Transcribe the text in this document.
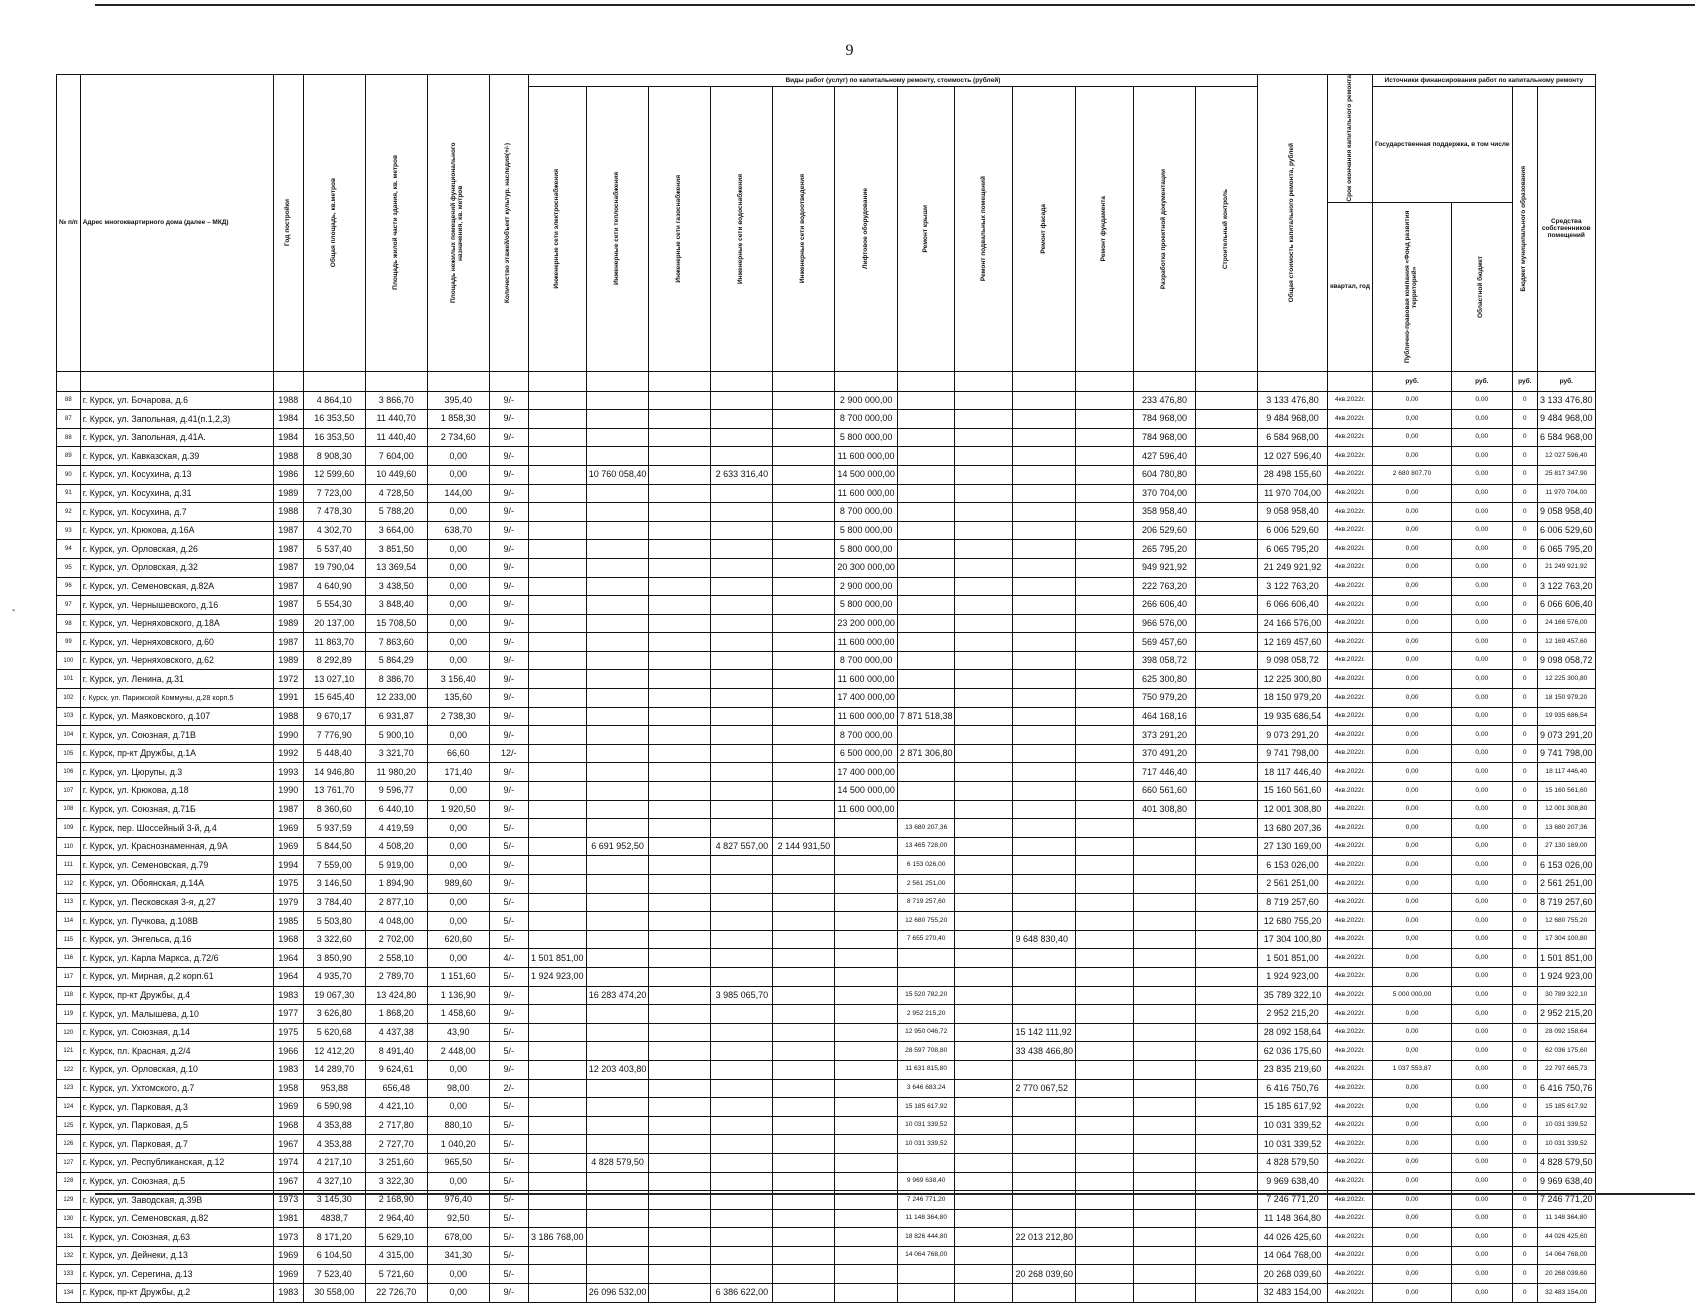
9
-
№ п/п	Адрес многоквартирного дома (далее – МКД)	Год постройки	Общая площадь, кв.метров	Площадь жилой части здания, кв. метров	Площадь нежилых помещений функционального назначения, кв. метров	Количество этажей/объект культур. наследия(+/-)	Виды работ (услуг) по капитальному ремонту, стоимость (рублей)												Общая стоимость капитального ремонта, рублей	Срок окончания капитального ремонта	Источники финансирования работ по капитальному ремонту			

							Инженерные сети электроснабжения	Инженерные сети теплоснабжения	Инженерные сети газоснабжения	Инженерные сети водоснабжения	Инженерные сети водоотведения	Лифтовое оборудование	Ремонт крыши	Ремонт подвальных помещений	Ремонт фасада	Ремонт фундамента	Разработка проектной документации	Строительный контроль			Государственная поддержка, в том числе		Бюджет муниципального образования	Средства собственников помещений
																				квартал, год	Публично-правовая компания «Фонд развития территорий»	Областной бюджет		

																					руб.	руб.	руб.	руб.
88	г. Курск, ул. Бочарова, д.6	1988	4 864,10	3 866,70	395,40	9/-						2 900 000,00					233 476,80		3 133 476,80	4кв.2022г.	0,00	0,00	0	3 133 476,80
87	г. Курск, ул. Запольная, д.41(п.1,2,3)	1984	16 353,50	11 440,70	1 858,30	9/-						8 700 000,00					784 968,00		9 484 968,00	4кв.2022г.	0,00	0,00	0	9 484 968,00
88	г. Курск, ул. Запольная, д.41А.	1984	16 353,50	11 440,40	2 734,60	9/-						5 800 000,00					784 968,00		6 584 968,00	4кв.2022г.	0,00	0,00	0	6 584 968,00
89	г. Курск, ул. Кавказская, д.39	1988	8 908,30	7 604,00	0,00	9/-						11 600 000,00					427 596,40		12 027 596,40	4кв.2022г.	0,00	0,00	0	12 027 596,40
90	г. Курск, ул. Косухина, д.13	1986	12 599,60	10 449,60	0,00	9/-		10 760 058,40		2 633 316,40		14 500 000,00					604 780,80		28 498 155,60	4кв.2022г.	2 680 807,70	0,00	0	25 817 347,90
91	г. Курск, ул. Косухина, д.31	1989	7 723,00	4 728,50	144,00	9/-						11 600 000,00					370 704,00		11 970 704,00	4кв.2022г.	0,00	0,00	0	11 970 704,00
92	г. Курск, ул. Косухина, д.7	1988	7 478,30	5 788,20	0,00	9/-						8 700 000,00					358 958,40		9 058 958,40	4кв.2022г.	0,00	0,00	0	9 058 958,40
93	г. Курск, ул. Крюкова, д.16А	1987	4 302,70	3 664,00	638,70	9/-						5 800 000,00					206 529,60		6 006 529,60	4кв.2022г.	0,00	0,00	0	6 006 529,60
94	г. Курск, ул. Орловская, д.26	1987	5 537,40	3 851,50	0,00	9/-						5 800 000,00					265 795,20		6 065 795,20	4кв.2022г.	0,00	0,00	0	6 065 795,20
95	г. Курск, ул. Орловская, д.32	1987	19 790,04	13 369,54	0,00	9/-						20 300 000,00					949 921,92		21 249 921,92	4кв.2022г.	0,00	0,00	0	21 249 921,92
96	г. Курск, ул. Семеновская, д.82А	1987	4 640,90	3 438,50	0,00	9/-						2 900 000,00					222 763,20		3 122 763,20	4кв.2022г.	0,00	0,00	0	3 122 763,20
97	г. Курск, ул. Чернышевского, д.16	1987	5 554,30	3 848,40	0,00	9/-						5 800 000,00					266 606,40		6 066 606,40	4кв.2022г.	0,00	0,00	0	6 066 606,40
98	г. Курск, ул. Черняховского, д.18А	1989	20 137,00	15 708,50	0,00	9/-						23 200 000,00					966 576,00		24 166 576,00	4кв.2022г.	0,00	0,00	0	24 166 576,00
99	г. Курск, ул. Черняховского, д.60	1987	11 863,70	7 863,60	0,00	9/-						11 600 000,00					569 457,60		12 169 457,60	4кв.2022г.	0,00	0,00	0	12 169 457,60
100	г. Курск, ул. Черняховского, д.62	1989	8 292,89	5 864,29	0,00	9/-						8 700 000,00					398 058,72		9 098 058,72	4кв.2022г.	0,00	0,00	0	9 098 058,72
101	г. Курск, ул. Ленина, д.31	1972	13 027,10	8 386,70	3 156,40	9/-						11 600 000,00					625 300,80		12 225 300,80	4кв.2022г.	0,00	0,00	0	12 225 300,80
102	г. Курск, ул. Парижской Коммуны, д.28 корп.5	1991	15 645,40	12 233,00	135,60	9/-						17 400 000,00					750 979,20		18 150 979,20	4кв.2022г.	0,00	0,00	0	18 150 979,20
103	г. Курск, ул. Маяковского, д.107	1988	9 670,17	6 931,87	2 738,30	9/-						11 600 000,00	7 871 518,38				464 168,16		19 935 686,54	4кв.2022г.	0,00	0,00	0	19 935 686,54
104	г. Курск, ул. Союзная, д.71В	1990	7 776,90	5 900,10	0,00	9/-						8 700 000,00					373 291,20		9 073 291,20	4кв.2022г.	0,00	0,00	0	9 073 291,20
105	г. Курск, пр-кт Дружбы, д.1А	1992	5 448,40	3 321,70	66,60	12/-						6 500 000,00	2 871 306,80				370 491,20		9 741 798,00	4кв.2022г.	0,00	0,00	0	9 741 798,00
106	г. Курск, ул. Цюрупы, д.3	1993	14 946,80	11 980,20	171,40	9/-						17 400 000,00					717 446,40		18 117 446,40	4кв.2022г.	0,00	0,00	0	18 117 446,40
107	г. Курск, ул. Крюкова, д.18	1990	13 761,70	9 596,77	0,00	9/-						14 500 000,00					660 561,60		15 160 561,60	4кв.2022г.	0,00	0,00	0	15 160 561,60
108	г. Курск, ул. Союзная, д.71Б	1987	8 360,60	6 440,10	1 920,50	9/-						11 600 000,00					401 308,80		12 001 308,80	4кв.2022г.	0,00	0,00	0	12 001 308,80
109	г. Курск, пер. Шоссейный 3-й, д.4	1969	5 937,59	4 419,59	0,00	5/-							13 680 207,36						13 680 207,36	4кв.2022г.	0,00	0,00	0	13 680 207,36
110	г. Курск, ул. Краснознаменная, д.9А	1969	5 844,50	4 508,20	0,00	5/-		6 691 952,50		4 827 557,00	2 144 931,50		13 465 728,00						27 130 169,00	4кв.2022г.	0,00	0,00	0	27 130 169,00
111	г. Курск, ул. Семеновская, д.79	1994	7 559,00	5 919,00	0,00	9/-							6 153 026,00						6 153 026,00	4кв.2022г.	0,00	0,00	0	6 153 026,00
112	г. Курск, ул. Обоянская, д.14А	1975	3 146,50	1 894,90	989,60	9/-							2 561 251,00						2 561 251,00	4кв.2022г.	0,00	0,00	0	2 561 251,00
113	г. Курск, ул. Песковская 3-я, д.27	1979	3 784,40	2 877,10	0,00	5/-							8 719 257,60						8 719 257,60	4кв.2022г.	0,00	0,00	0	8 719 257,60
114	г. Курск, ул. Пучкова, д.108В	1985	5 503,80	4 048,00	0,00	5/-							12 680 755,20						12 680 755,20	4кв.2022г.	0,00	0,00	0	12 680 755,20
115	г. Курск, ул. Энгельса, д.16	1968	3 322,60	2 702,00	620,60	5/-							7 655 270,40		9 648 830,40				17 304 100,80	4кв.2022г.	0,00	0,00	0	17 304 100,80
116	г. Курск, ул. Карла Маркса, д.72/6	1964	3 850,90	2 558,10	0,00	4/-	1 501 851,00												1 501 851,00	4кв.2022г.	0,00	0,00	0	1 501 851,00
117	г. Курск, ул. Мирная, д.2 корп.61	1964	4 935,70	2 789,70	1 151,60	5/-	1 924 923,00												1 924 923,00	4кв.2022г.	0,00	0,00	0	1 924 923,00
118	г. Курск, пр-кт Дружбы, д.4	1983	19 067,30	13 424,80	1 136,90	9/-		16 283 474,20		3 985 065,70			15 520 782,20						35 789 322,10	4кв.2022г.	5 000 000,00	0,00	0	30 789 322,10
119	г. Курск, ул. Малышева, д.10	1977	3 626,80	1 868,20	1 458,60	9/-							2 952 215,20						2 952 215,20	4кв.2022г.	0,00	0,00	0	2 952 215,20
120	г. Курск, ул. Союзная, д.14	1975	5 620,68	4 437,38	43,90	5/-							12 950 046,72		15 142 111,92				28 092 158,64	4кв.2022г.	0,00	0,00	0	28 092 158,64
121	г. Курск, пл. Красная, д.2/4	1966	12 412,20	8 491,40	2 448,00	5/-							28 597 708,80		33 438 466,80				62 036 175,60	4кв.2022г.	0,00	0,00	0	62 036 175,60
122	г. Курск, ул. Орловская, д.10	1983	14 289,70	9 624,61	0,00	9/-		12 203 403,80					11 631 815,80						23 835 219,60	4кв.2022г.	1 037 553,87	0,00	0	22 797 665,73
123	г. Курск, ул. Ухтомского, д.7	1958	953,88	656,48	98,00	2/-							3 646 683,24		2 770 067,52				6 416 750,76	4кв.2022г.	0,00	0,00	0	6 416 750,76
124	г. Курск, ул. Парковая, д.3	1969	6 590,98	4 421,10	0,00	5/-							15 185 617,92						15 185 617,92	4кв.2022г.	0,00	0,00	0	15 185 617,92
125	г. Курск, ул. Парковая, д.5	1968	4 353,88	2 717,80	880,10	5/-							10 031 339,52						10 031 339,52	4кв.2022г.	0,00	0,00	0	10 031 339,52
126	г. Курск, ул. Парковая, д.7	1967	4 353,88	2 727,70	1 040,20	5/-							10 031 339,52						10 031 339,52	4кв.2022г.	0,00	0,00	0	10 031 339,52
127	г. Курск, ул. Республиканская, д.12	1974	4 217,10	3 251,60	965,50	5/-		4 828 579,50											4 828 579,50	4кв.2022г.	0,00	0,00	0	4 828 579,50
128	г. Курск, ул. Союзная, д.5	1967	4 327,10	3 322,30	0,00	5/-							9 969 638,40						9 969 638,40	4кв.2022г.	0,00	0,00	0	9 969 638,40
129	г. Курск, ул. Заводская, д.39В	1973	3 145,30	2 168,90	976,40	5/-							7 246 771,20						7 246 771,20	4кв.2022г.	0,00	0,00	0	7 246 771,20
130	г. Курск, ул. Семеновская, д.82	1981	4838,7	2 964,40	92,50	5/-							11 148 364,80						11 148 364,80	4кв.2022г.	0,00	0,00	0	11 148 364,80
131	г. Курск, ул. Союзная, д.63	1973	8 171,20	5 629,10	678,00	5/-	3 186 768,00						18 826 444,80		22 013 212,80				44 026 425,60	4кв.2022г.	0,00	0,00	0	44 026 425,60
132	г. Курск, ул. Дейнеки, д.13	1969	6 104,50	4 315,00	341,30	5/-							14 064 768,00						14 064 768,00	4кв.2022г.	0,00	0,00	0	14 064 768,00
133	г. Курск, ул. Серегина, д.13	1969	7 523,40	5 721,60	0,00	5/-									20 268 039,60				20 268 039,60	4кв.2022г.	0,00	0,00	0	20 268 039,60
134	г. Курск, пр-кт Дружбы, д.2	1983	30 558,00	22 726,70	0,00	9/-		26 096 532,00		6 386 622,00									32 483 154,00	4кв.2022г.	0,00	0,00	0	32 483 154,00
